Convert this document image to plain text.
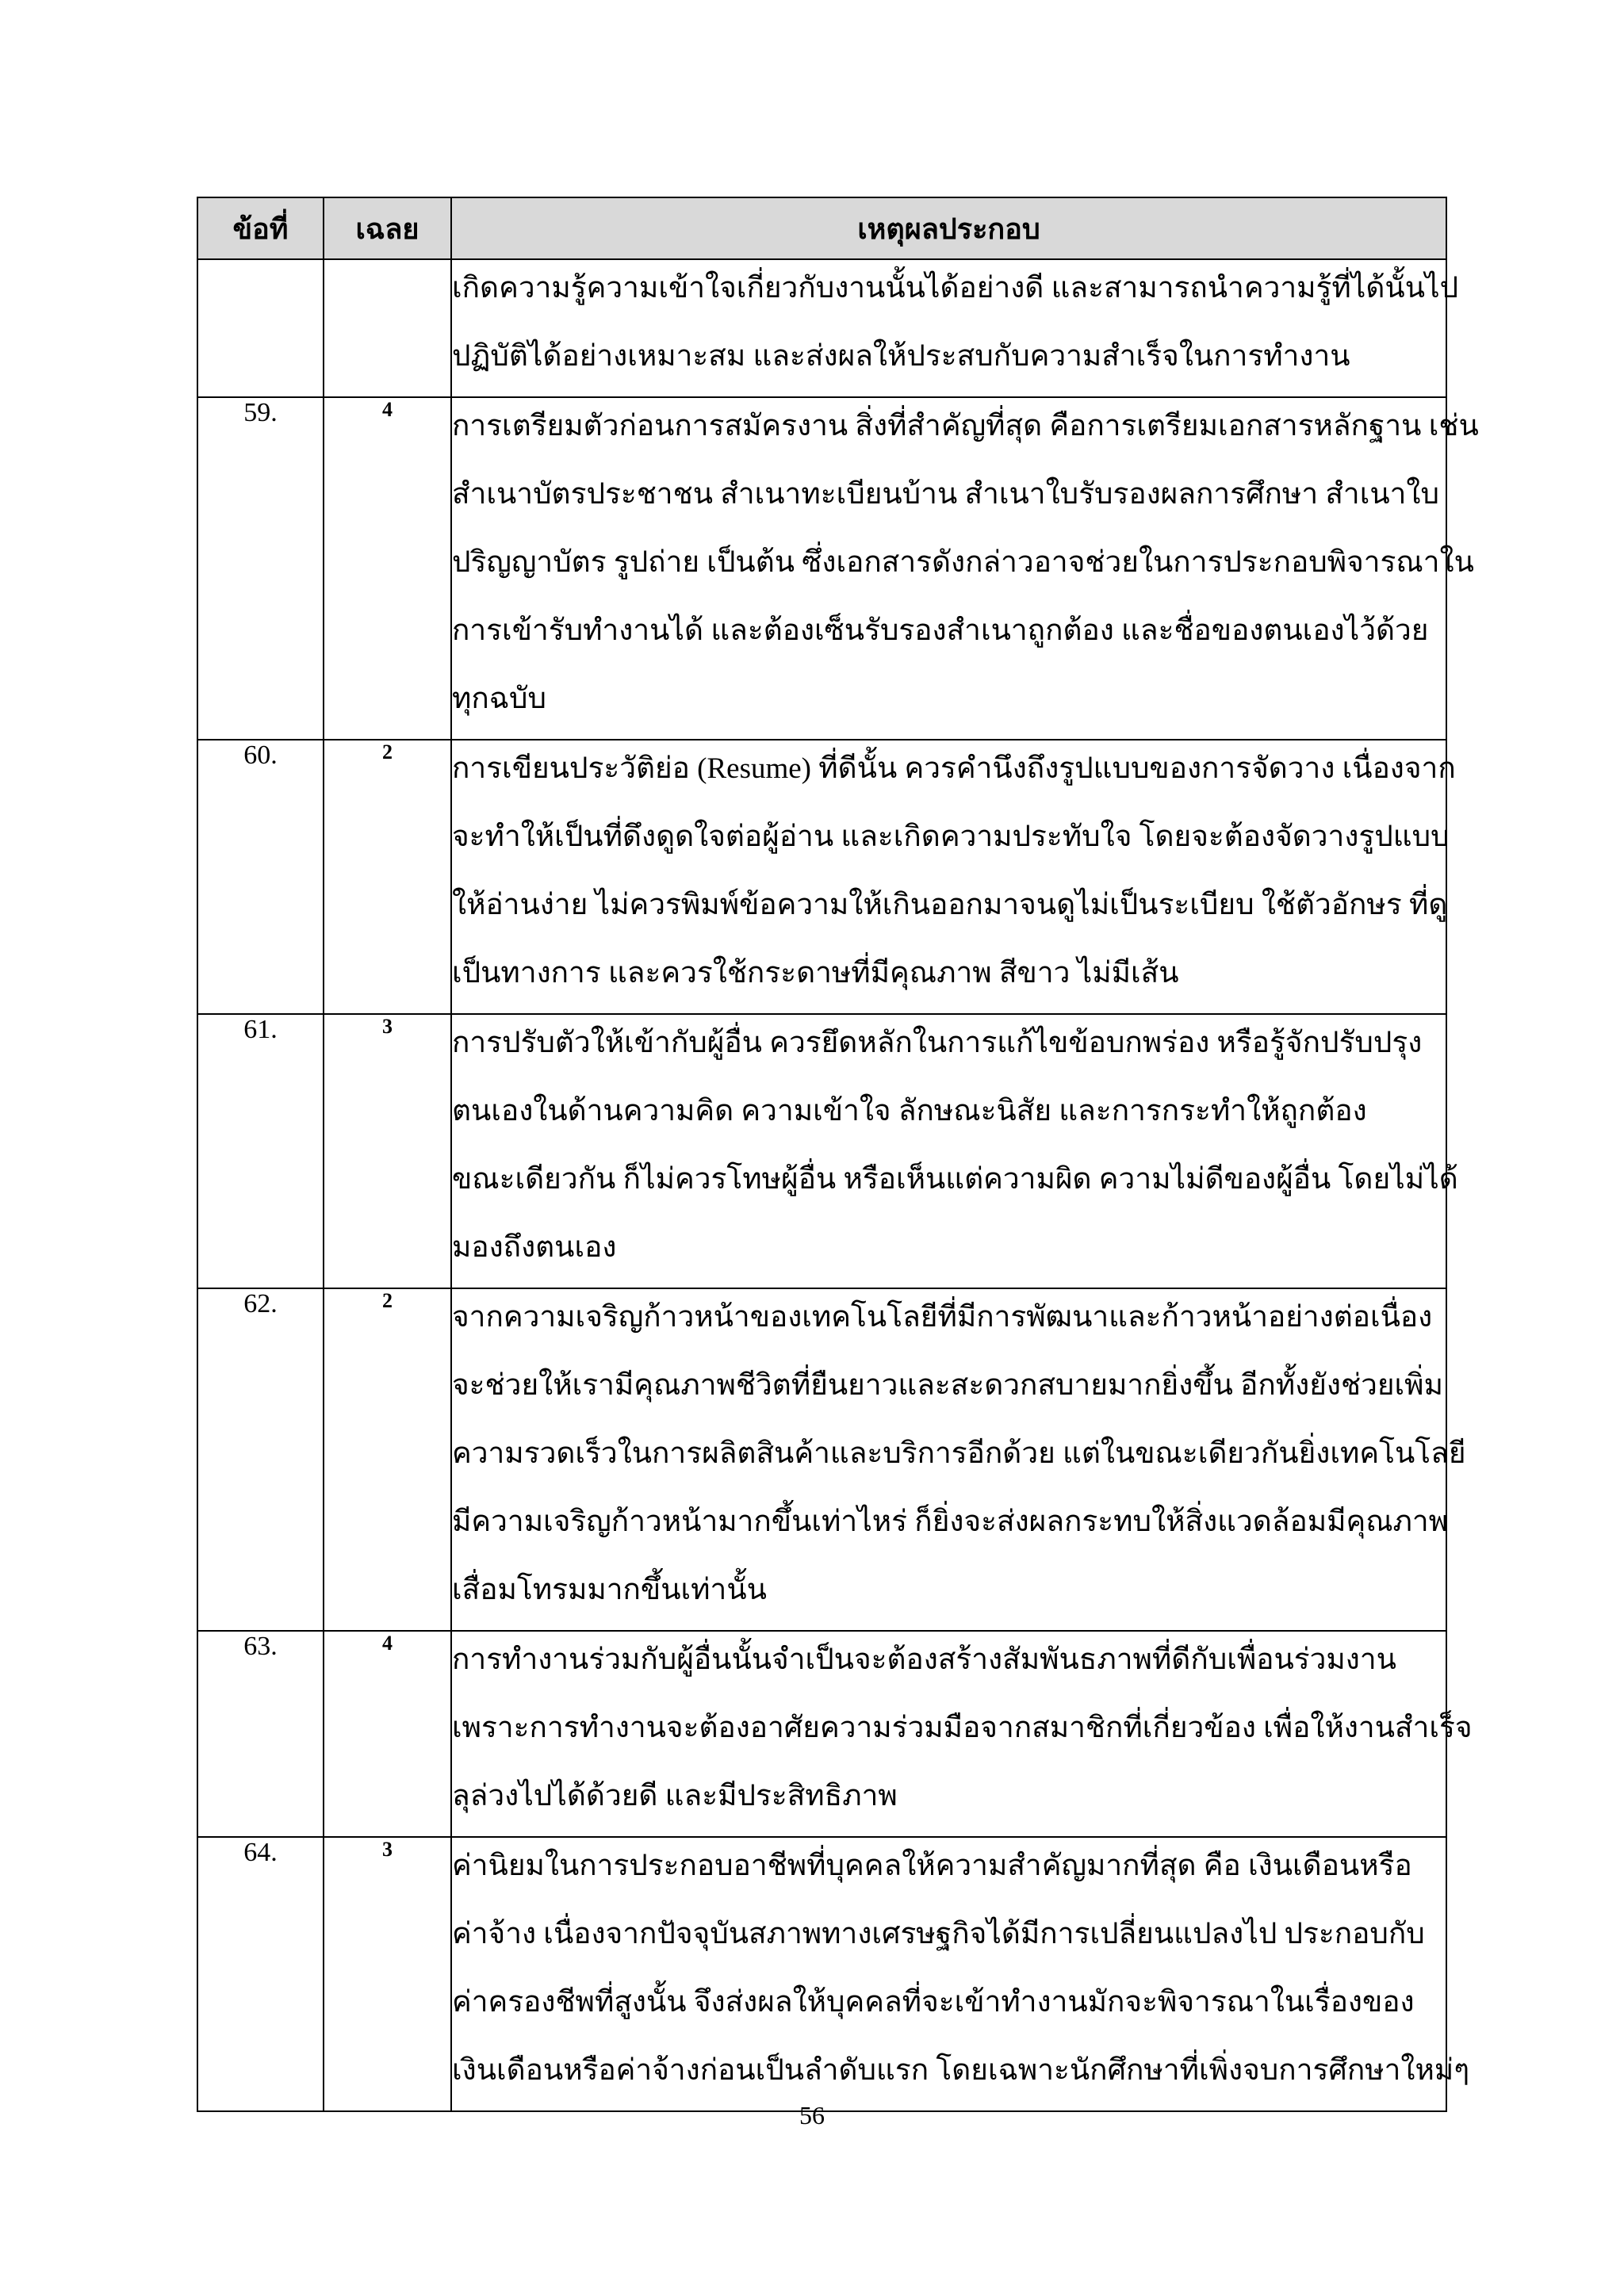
ข้อที่	เฉลย	เหตุผลประกอบ

		เกิดความรู้ความเข้าใจเกี่ยวกับงานนั้นได้อย่างดี และสามารถนำความรู้ที่ได้นั้นไป
ปฏิบัติได้อย่างเหมาะสม และส่งผลให้ประสบกับความสำเร็จในการทำงาน

59.	4	การเตรียมตัวก่อนการสมัครงาน สิ่งที่สำคัญที่สุด คือการเตรียมเอกสารหลักฐาน เช่น
สำเนาบัตรประชาชน สำเนาทะเบียนบ้าน สำเนาใบรับรองผลการศึกษา สำเนาใบ
ปริญญาบัตร รูปถ่าย เป็นต้น ซึ่งเอกสารดังกล่าวอาจช่วยในการประกอบพิจารณาใน
การเข้ารับทำงานได้ และต้องเซ็นรับรองสำเนาถูกต้อง และชื่อของตนเองไว้ด้วย
ทุกฉบับ

60.	2	การเขียนประวัติย่อ (Resume) ที่ดีนั้น ควรคำนึงถึงรูปแบบของการจัดวาง เนื่องจาก
จะทำให้เป็นที่ดึงดูดใจต่อผู้อ่าน และเกิดความประทับใจ โดยจะต้องจัดวางรูปแบบ
ให้อ่านง่าย ไม่ควรพิมพ์ข้อความให้เกินออกมาจนดูไม่เป็นระเบียบ ใช้ตัวอักษร ที่ดู
เป็นทางการ และควรใช้กระดาษที่มีคุณภาพ สีขาว ไม่มีเส้น

61.	3	การปรับตัวให้เข้ากับผู้อื่น ควรยึดหลักในการแก้ไขข้อบกพร่อง หรือรู้จักปรับปรุง
ตนเองในด้านความคิด ความเข้าใจ ลักษณะนิสัย และการกระทำให้ถูกต้อง
ขณะเดียวกัน ก็ไม่ควรโทษผู้อื่น หรือเห็นแต่ความผิด ความไม่ดีของผู้อื่น โดยไม่ได้
มองถึงตนเอง

62.	2	จากความเจริญก้าวหน้าของเทคโนโลยีที่มีการพัฒนาและก้าวหน้าอย่างต่อเนื่อง
จะช่วยให้เรามีคุณภาพชีวิตที่ยืนยาวและสะดวกสบายมากยิ่งขึ้น อีกทั้งยังช่วยเพิ่ม
ความรวดเร็วในการผลิตสินค้าและบริการอีกด้วย แต่ในขณะเดียวกันยิ่งเทคโนโลยี
มีความเจริญก้าวหน้ามากขึ้นเท่าไหร่ ก็ยิ่งจะส่งผลกระทบให้สิ่งแวดล้อมมีคุณภาพ
เสื่อมโทรมมากขึ้นเท่านั้น

63.	4	การทำงานร่วมกับผู้อื่นนั้นจำเป็นจะต้องสร้างสัมพันธภาพที่ดีกับเพื่อนร่วมงาน
เพราะการทำงานจะต้องอาศัยความร่วมมือจากสมาชิกที่เกี่ยวข้อง เพื่อให้งานสำเร็จ
ลุล่วงไปได้ด้วยดี และมีประสิทธิภาพ

64.	3	ค่านิยมในการประกอบอาชีพที่บุคคลให้ความสำคัญมากที่สุด คือ เงินเดือนหรือ
ค่าจ้าง เนื่องจากปัจจุบันสภาพทางเศรษฐกิจได้มีการเปลี่ยนแปลงไป ประกอบกับ
ค่าครองชีพที่สูงนั้น จึงส่งผลให้บุคคลที่จะเข้าทำงานมักจะพิจารณาในเรื่องของ
เงินเดือนหรือค่าจ้างก่อนเป็นลำดับแรก โดยเฉพาะนักศึกษาที่เพิ่งจบการศึกษาใหม่ๆ
56
